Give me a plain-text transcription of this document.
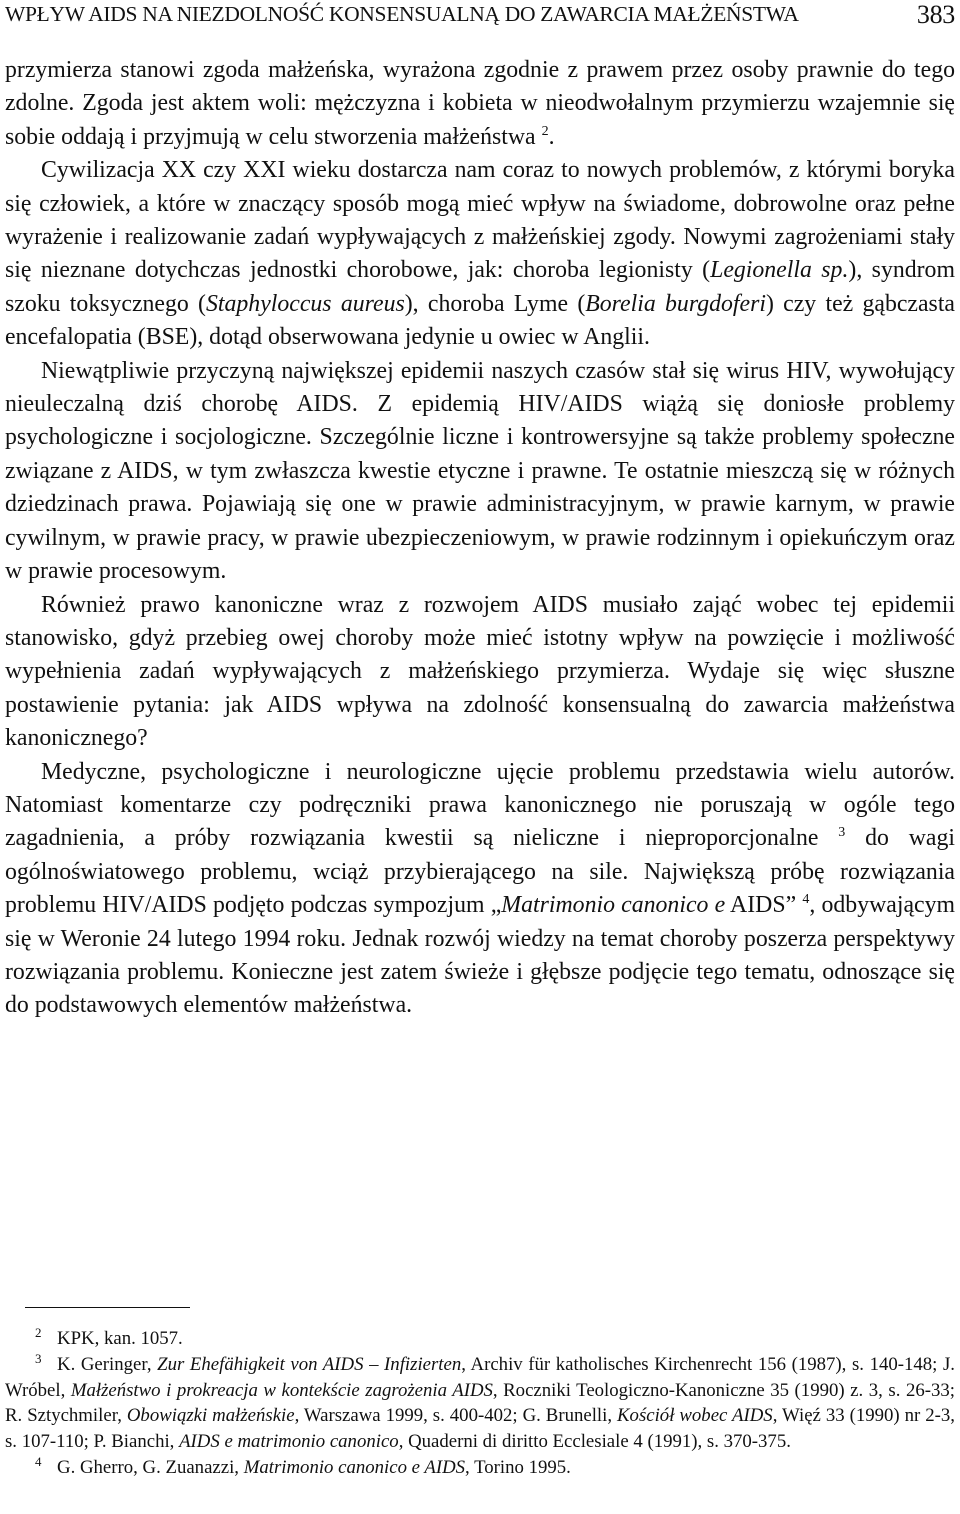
WPŁYW AIDS NA NIEZDOLNOŚĆ KONSENSUALNĄ DO ZAWARCIA MAŁŻEŃSTWA	383

przymierza stanowi zgoda małżeńska, wyrażona zgodnie z prawem przez osoby prawnie do tego zdolne. Zgoda jest aktem woli: mężczyzna i kobieta w nieodwołalnym przymierzu wzajemnie się sobie oddają i przyjmują w celu stworzenia małżeństwa $^2$.

Cywilizacja XX czy XXI wieku dostarcza nam coraz to nowych problemów, z którymi boryka się człowiek, a które w znaczący sposób mogą mieć wpływ na świadome, dobrowolne oraz pełne wyrażenie i realizowanie zadań wypływających z małżeńskiej zgody. Nowymi zagrożeniami stały się nieznane dotychczas jednostki chorobowe, jak: choroba legionisty (Legionella sp.), syndrom szoku toksycznego (Staphyloccus aureus), choroba Lyme (Borelia burgdoferi) czy też gąbczasta encefalopatia (BSE), dotąd obserwowana jedynie u owiec w Anglii.

Niewątpliwie przyczyną największej epidemii naszych czasów stał się wirus HIV, wywołujący nieuleczalną dziś chorobę AIDS. Z epidemią HIV/AIDS wiążą się doniosłe problemy psychologiczne i socjologiczne. Szczególnie liczne i kontrowersyjne są także problemy społeczne związane z AIDS, w tym zwłaszcza kwestie etyczne i prawne. Te ostatnie mieszczą się w różnych dziedzinach prawa. Pojawiają się one w prawie administracyjnym, w prawie karnym, w prawie cywilnym, w prawie pracy, w prawie ubezpieczeniowym, w prawie rodzinnym i opiekuńczym oraz w prawie procesowym.

Również prawo kanoniczne wraz z rozwojem AIDS musiało zająć wobec tej epidemii stanowisko, gdyż przebieg owej choroby może mieć istotny wpływ na powzięcie i możliwość wypełnienia zadań wypływających z małżeńskiego przymierza. Wydaje się więc słuszne postawienie pytania: jak AIDS wpływa na zdolność konsensualną do zawarcia małżeństwa kanonicznego?

Medyczne, psychologiczne i neurologiczne ujęcie problemu przedstawia wielu autorów. Natomiast komentarze czy podręczniki prawa kanonicznego nie poruszają w ogóle tego zagadnienia, a próby rozwiązania kwestii są nieliczne i nieproporcjonalne $^3$ do wagi ogólnoświatowego problemu, wciąż przybierającego na sile. Największą próbę rozwiązania problemu HIV/AIDS podjęto podczas sympozjum „Matrimonio canonico e AIDS” $^4$, odbywającym się w Weronie 24 lutego 1994 roku. Jednak rozwój wiedzy na temat choroby poszerza perspektywy rozwiązania problemu. Konieczne jest zatem świeże i głębsze podjęcie tego tematu, odnoszące się do podstawowych elementów małżeństwa.

2 KPK, kan. 1057.

3 K. Geringer, Zur Ehefähigkeit von AIDS – Infizierten, Archiv für katholisches Kirchenrecht 156 (1987), s. 140-148; J. Wróbel, Małżeństwo i prokreacja w kontekście zagrożenia AIDS, Roczniki Teologiczno-Kanoniczne 35 (1990) z. 3, s. 26-33; R. Sztychmiler, Obowiązki małżeńskie, Warszawa 1999, s. 400-402; G. Brunelli, Kościół wobec AIDS, Więź 33 (1990) nr 2-3, s. 107-110; P. Bianchi, AIDS e matrimonio canonico, Quaderni di diritto Ecclesiale 4 (1991), s. 370-375.

4 G. Gherro, G. Zuanazzi, Matrimonio canonico e AIDS, Torino 1995.
